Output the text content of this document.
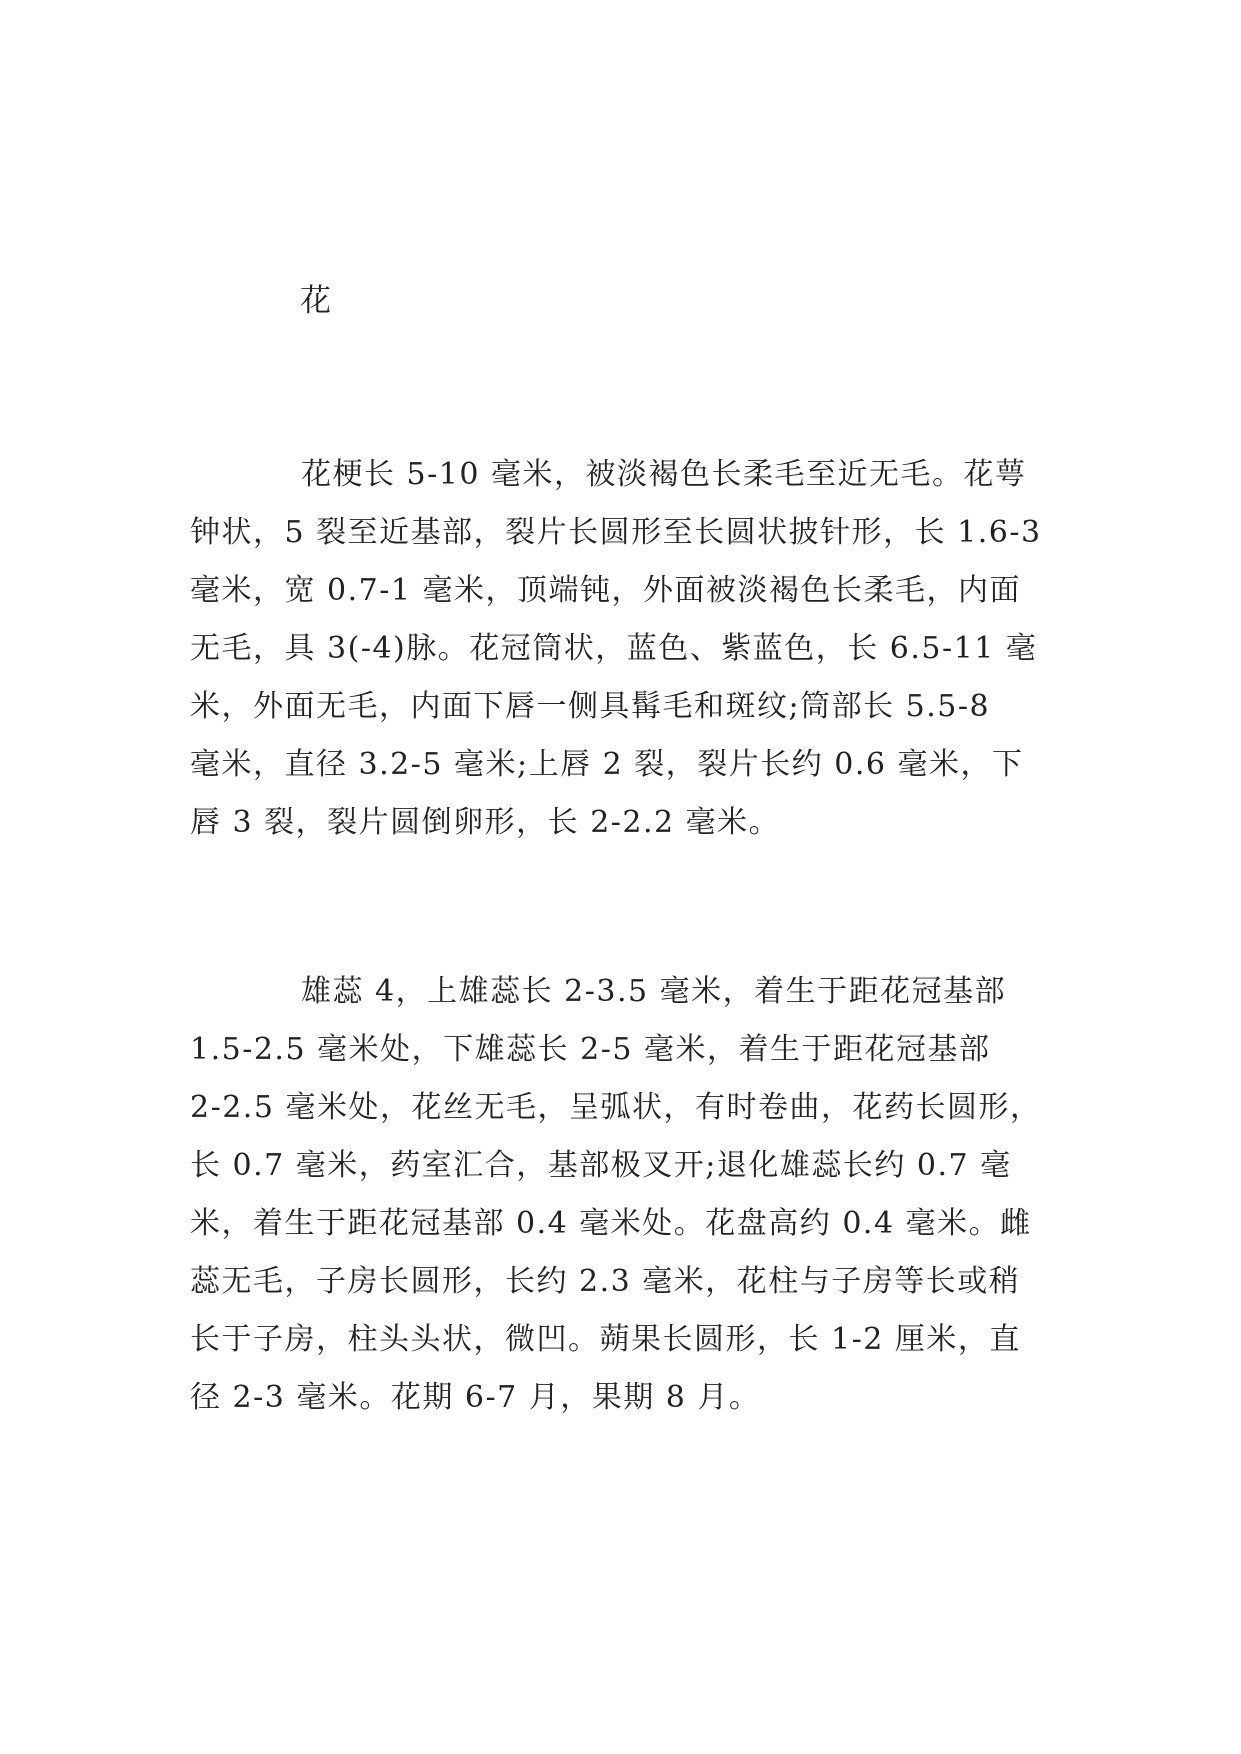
花

花梗长 5-10 毫米，被淡褐色长柔毛至近无毛。花萼
钟状，5 裂至近基部，裂片长圆形至长圆状披针形，长 1.6-3
毫米，宽 0.7-1 毫米，顶端钝，外面被淡褐色长柔毛，内面
无毛，具 3(-4)脉。花冠筒状，蓝色、紫蓝色，长 6.5-11 毫
米，外面无毛，内面下唇一侧具髯毛和斑纹;筒部长 5.5-8
毫米，直径 3.2-5 毫米;上唇 2 裂，裂片长约 0.6 毫米，下
唇 3 裂，裂片圆倒卵形，长 2-2.2 毫米。

雄蕊 4，上雄蕊长 2-3.5 毫米，着生于距花冠基部
1.5-2.5 毫米处，下雄蕊长 2-5 毫米，着生于距花冠基部
2-2.5 毫米处，花丝无毛，呈弧状，有时卷曲，花药长圆形，
长 0.7 毫米，药室汇合，基部极叉开;退化雄蕊长约 0.7 毫
米，着生于距花冠基部 0.4 毫米处。花盘高约 0.4 毫米。雌
蕊无毛，子房长圆形，长约 2.3 毫米，花柱与子房等长或稍
长于子房，柱头头状，微凹。蒴果长圆形，长 1-2 厘米，直
径 2-3 毫米。花期 6-7 月，果期 8 月。
